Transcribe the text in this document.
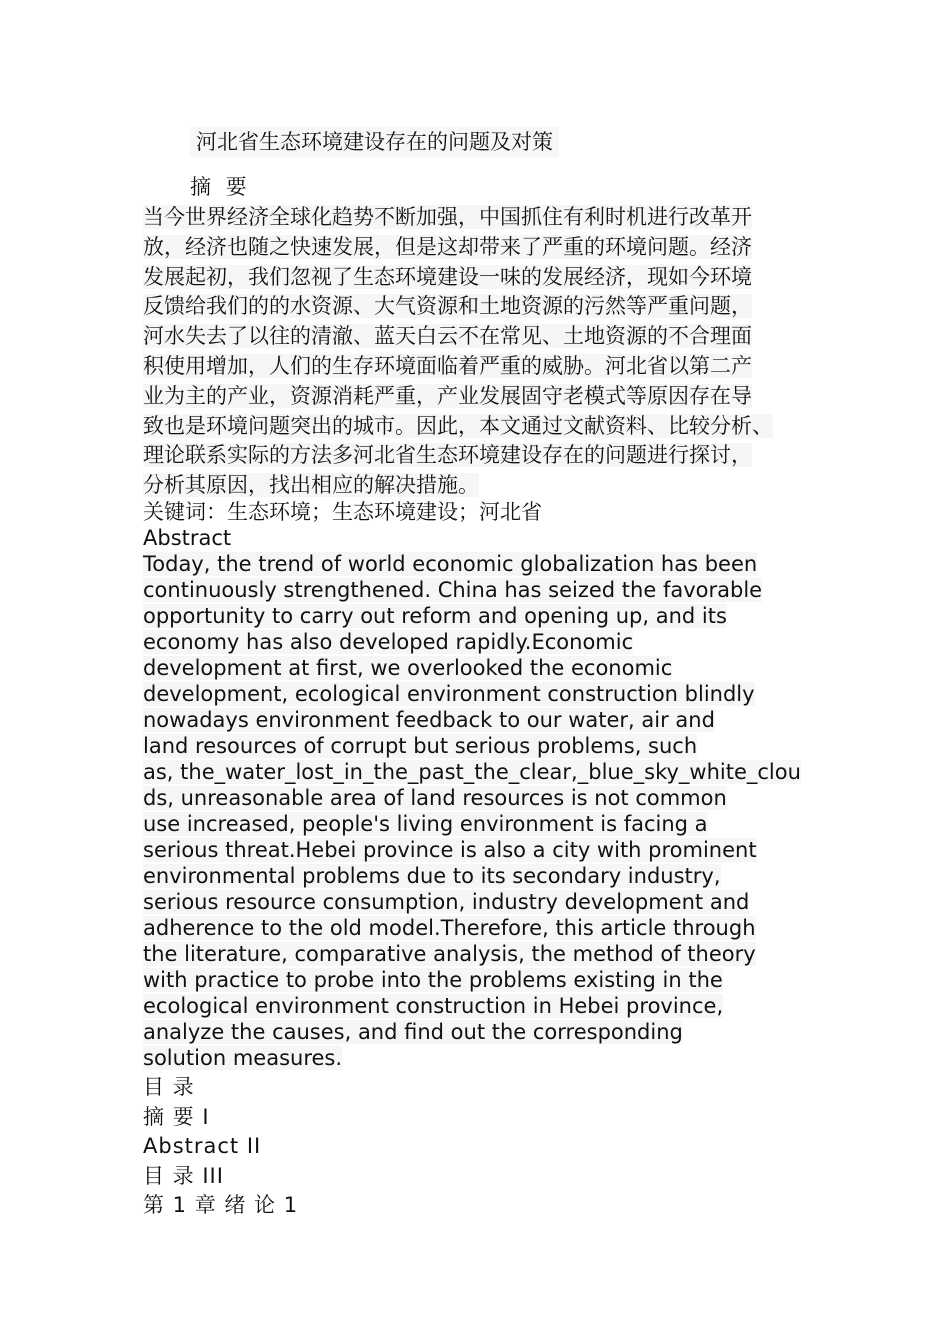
河北省生态环境建设存在的问题及对策
摘 要
当今世界经济全球化趋势不断加强，中国抓住有利时机进行改革开
放，经济也随之快速发展，但是这却带来了严重的环境问题。经济
发展起初，我们忽视了生态环境建设一味的发展经济，现如今环境
反馈给我们的的水资源、大气资源和土地资源的污然等严重问题，
河水失去了以往的清澈、蓝天白云不在常见、土地资源的不合理面
积使用增加，人们的生存环境面临着严重的威胁。河北省以第二产
业为主的产业，资源消耗严重，产业发展固守老模式等原因存在导
致也是环境问题突出的城市。因此，本文通过文献资料、比较分析、
理论联系实际的方法多河北省生态环境建设存在的问题进行探讨，
分析其原因，找出相应的解决措施。
关键词：生态环境；生态环境建设；河北省
Abstract
Today, the trend of world economic globalization has been
continuously strengthened. China has seized the favorable
opportunity to carry out reform and opening up, and its
economy has also developed rapidly.Economic
development at first, we overlooked the economic
development, ecological environment construction blindly
nowadays environment feedback to our water, air and
land resources of corrupt but serious problems, such
as, the_water_lost_in_the_past_the_clear,_blue_sky_white_clou
ds, unreasonable area of land resources is not common
use increased, people's living environment is facing a
serious threat.Hebei province is also a city with prominent
environmental problems due to its secondary industry,
serious resource consumption, industry development and
adherence to the old model.Therefore, this article through
the literature, comparative analysis, the method of theory
with practice to probe into the problems existing in the
ecological environment construction in Hebei province,
analyze the causes, and find out the corresponding
solution measures.
目 录
摘 要 I
Abstract II
目 录 III
第 1 章 绪 论 1
